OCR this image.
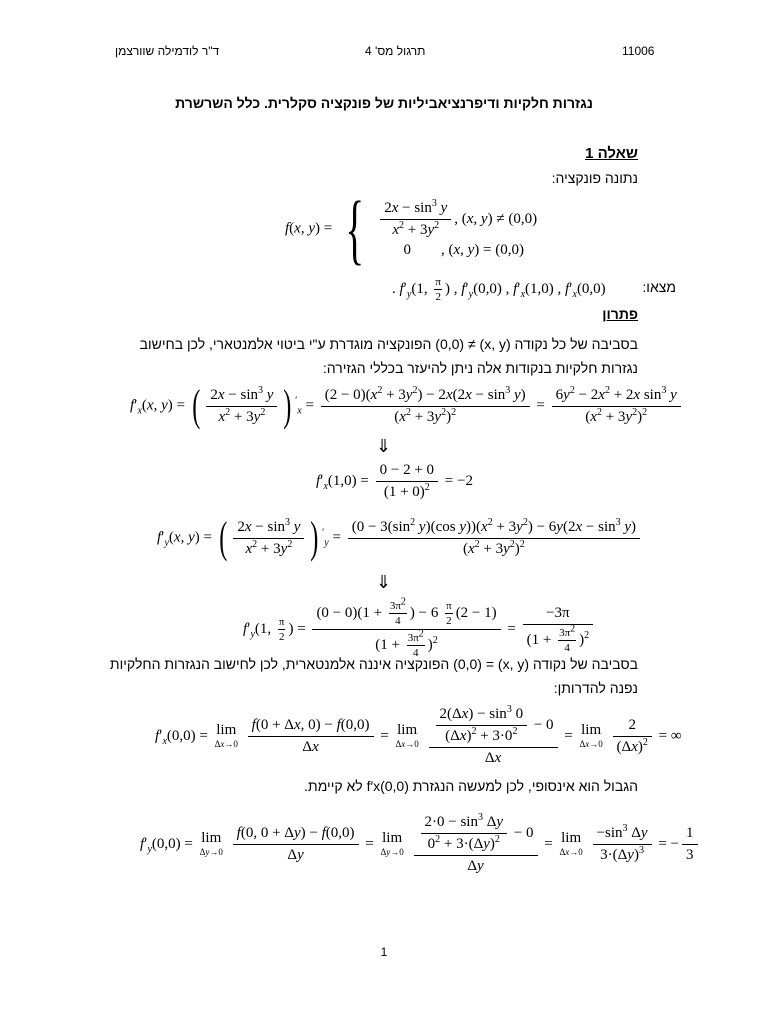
ד"ר לודמילה שוורצמן	תרגול מס' 4	11006
נגזרות חלקיות ודיפרנציאביליות של פונקציה סקלרית. כלל השרשרת
שאלה 1
נתונה פונקציה:
f(x, y) = { $\frac{2x - \sin^3 y}{x^2 + 3y^2}$ , (x, y) ≠ (0,0)
0        , (x, y) = (0,0)
מצאו:
. $f'_y(1$, $\frac{\pi}{2}$ ) , $f'_y(0,0)$ , $f'_x(1,0)$ , $f'_x(0,0)$
פתרון
בסביבה של כל נקודה (x, y) ≠ (0,0) הפונקציה מוגדרת ע"י ביטוי אלמנטארי, לכן בחישוב נגזרות חלקיות בנקודות אלה ניתן להיעזר בכללי הגזירה:
$f'_x(x$, y) = ( $\frac{2x - \sin^3 y}{x^2 + 3y^2}$ ) $'_x = \frac{(2 - 0)(x^2 + 3y^2) - 2x(2x - \sin^3 y)}{(x^2 + 3y^2)^2} = \frac{6y^2 - 2x^2 + 2x \sin^3 y}{(x^2 + 3y^2)^2}$
⇓
$f'_x(1,0) = \frac{0 - 2 + 0}{(1 + 0)^2} = -2$
$f'_y(x$, y) = ( $\frac{2x - \sin^3 y}{x^2 + 3y^2}$ ) $'_y = \frac{(0 - 3(\sin^2 y)(\cos y))(x^2 + 3y^2) - 6y(2x - \sin^3 y)}{(x^2 + 3y^2)^2}$
⇓
$f'_y(1$, $\frac{\pi}{2}$ ) = $\frac{(0 - 0)(1 + \frac{3\pi^2}{4} ) - 6 \frac{\pi}{2} (2 - 1)}{(1 + \frac{3\pi^2}{4} )^2} = \frac{-3\pi}{(1 + \frac{3\pi^2}{4} )^2}$
בסביבה של נקודה (x, y) = (0,0) הפונקציה איננה אלמנטארית, לכן לחישוב הנגזרות החלקיות נפנה להדרותן:
$f'_x(0,0) = \lim$
Δx→0
$\frac{f(0 + \Delta x, 0) - f(0,0)}{\Delta x} = \lim$
Δx→0
$\frac{\frac{2(\Delta x) - \sin^3 0}{(\Delta x)^2 + 3\cdot 0^2} - 0}{\Delta x} = \lim$
Δx→0
$\frac{2}{(\Delta x)^2}$ = ∞
הגבול הוא אינסופי, לכן למעשה הנגזרת f′x(0,0) לא קיימת.
$f'_y(0,0) = \lim$
Δy→0
$\frac{f(0, 0 + \Delta y) - f(0,0)}{\Delta y} = \lim$
Δy→0
$\frac{\frac{2\cdot 0 - \sin^3 \Delta y}{0^2 + 3\cdot(\Delta y)^2} - 0}{\Delta y} = \lim$
Δx→0
$\frac{-\sin^3 \Delta y}{3\cdot(\Delta y)^3}$ = − $\frac{1}{3}$
1
